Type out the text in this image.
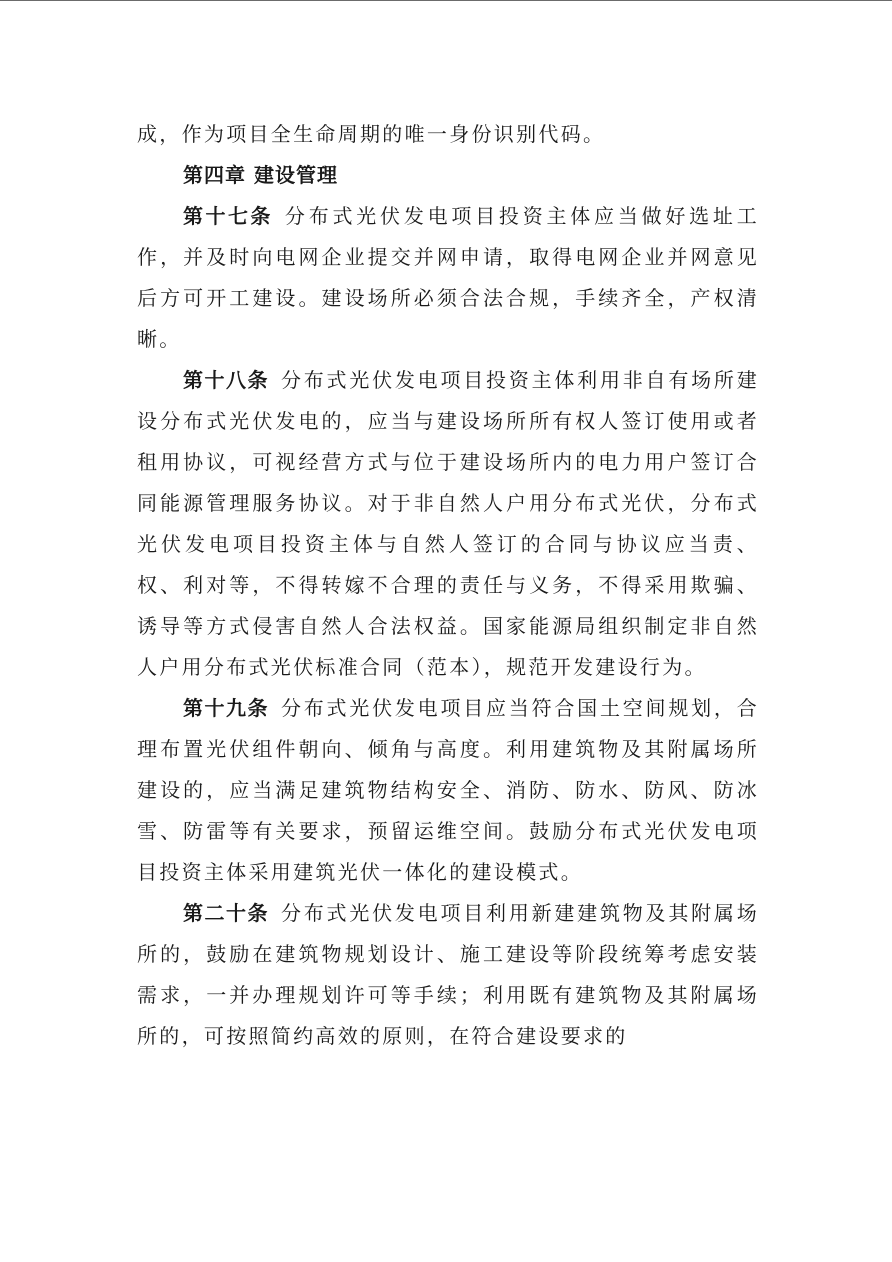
成，作为项目全生命周期的唯一身份识别代码。

第四章 建设管理

第十七条 分布式光伏发电项目投资主体应当做好选址工作，并及时向电网企业提交并网申请，取得电网企业并网意见后方可开工建设。建设场所必须合法合规，手续齐全，产权清晰。

第十八条 分布式光伏发电项目投资主体利用非自有场所建设分布式光伏发电的，应当与建设场所所有权人签订使用或者租用协议，可视经营方式与位于建设场所内的电力用户签订合同能源管理服务协议。对于非自然人户用分布式光伏，分布式光伏发电项目投资主体与自然人签订的合同与协议应当责、权、利对等，不得转嫁不合理的责任与义务，不得采用欺骗、诱导等方式侵害自然人合法权益。国家能源局组织制定非自然人户用分布式光伏标准合同（范本），规范开发建设行为。

第十九条 分布式光伏发电项目应当符合国土空间规划，合理布置光伏组件朝向、倾角与高度。利用建筑物及其附属场所建设的，应当满足建筑物结构安全、消防、防水、防风、防冰雪、防雷等有关要求，预留运维空间。鼓励分布式光伏发电项目投资主体采用建筑光伏一体化的建设模式。

第二十条 分布式光伏发电项目利用新建建筑物及其附属场所的，鼓励在建筑物规划设计、施工建设等阶段统筹考虑安装需求，一并办理规划许可等手续；利用既有建筑物及其附属场所的，可按照简约高效的原则，在符合建设要求的
